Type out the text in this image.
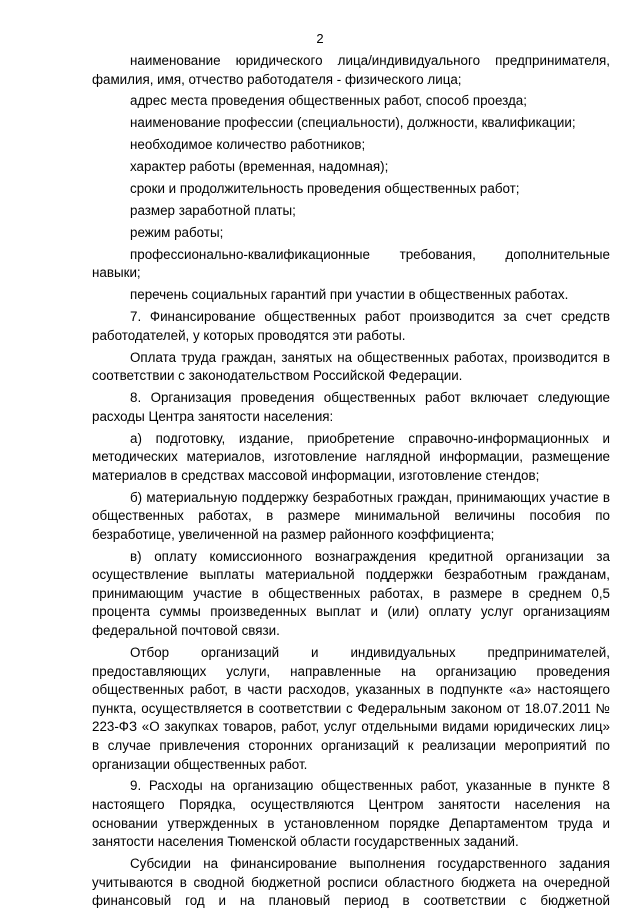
2

наименование юридического лица/индивидуального предпринимателя, фамилия, имя, отчество работодателя - физического лица;

адрес места проведения общественных работ, способ проезда;

наименование профессии (специальности), должности, квалификации;

необходимое количество работников;

характер работы (временная, надомная);

сроки и продолжительность проведения общественных работ;

размер заработной платы;

режим работы;

профессионально-квалификационные требования, дополнительные навыки;

перечень социальных гарантий при участии в общественных работах.

7. Финансирование общественных работ производится за счет средств работодателей, у которых проводятся эти работы.

Оплата труда граждан, занятых на общественных работах, производится в соответствии с законодательством Российской Федерации.

8. Организация проведения общественных работ включает следующие расходы Центра занятости населения:

а) подготовку, издание, приобретение справочно-информационных и методических материалов, изготовление наглядной информации, размещение материалов в средствах массовой информации, изготовление стендов;

б) материальную поддержку безработных граждан, принимающих участие в общественных работах, в размере минимальной величины пособия по безработице, увеличенной на размер районного коэффициента;

в) оплату комиссионного вознаграждения кредитной организации за осуществление выплаты материальной поддержки безработным гражданам, принимающим участие в общественных работах, в размере в среднем 0,5 процента суммы произведенных выплат и (или) оплату услуг организациям федеральной почтовой связи.

Отбор организаций и индивидуальных предпринимателей, предоставляющих услуги, направленные на организацию проведения общественных работ, в части расходов, указанных в подпункте «а» настоящего пункта, осуществляется в соответствии с Федеральным законом от 18.07.2011 № 223-ФЗ «О закупках товаров, работ, услуг отдельными видами юридических лиц» в случае привлечения сторонних организаций к реализации мероприятий по организации общественных работ.

9. Расходы на организацию общественных работ, указанные в пункте 8 настоящего Порядка, осуществляются Центром занятости населения на основании утвержденных в установленном порядке Департаментом труда и занятости населения Тюменской области государственных заданий.

Субсидии на финансирование выполнения государственного задания учитываются в сводной бюджетной росписи областного бюджета на очередной финансовый год и на плановый период в соответствии с бюджетной
